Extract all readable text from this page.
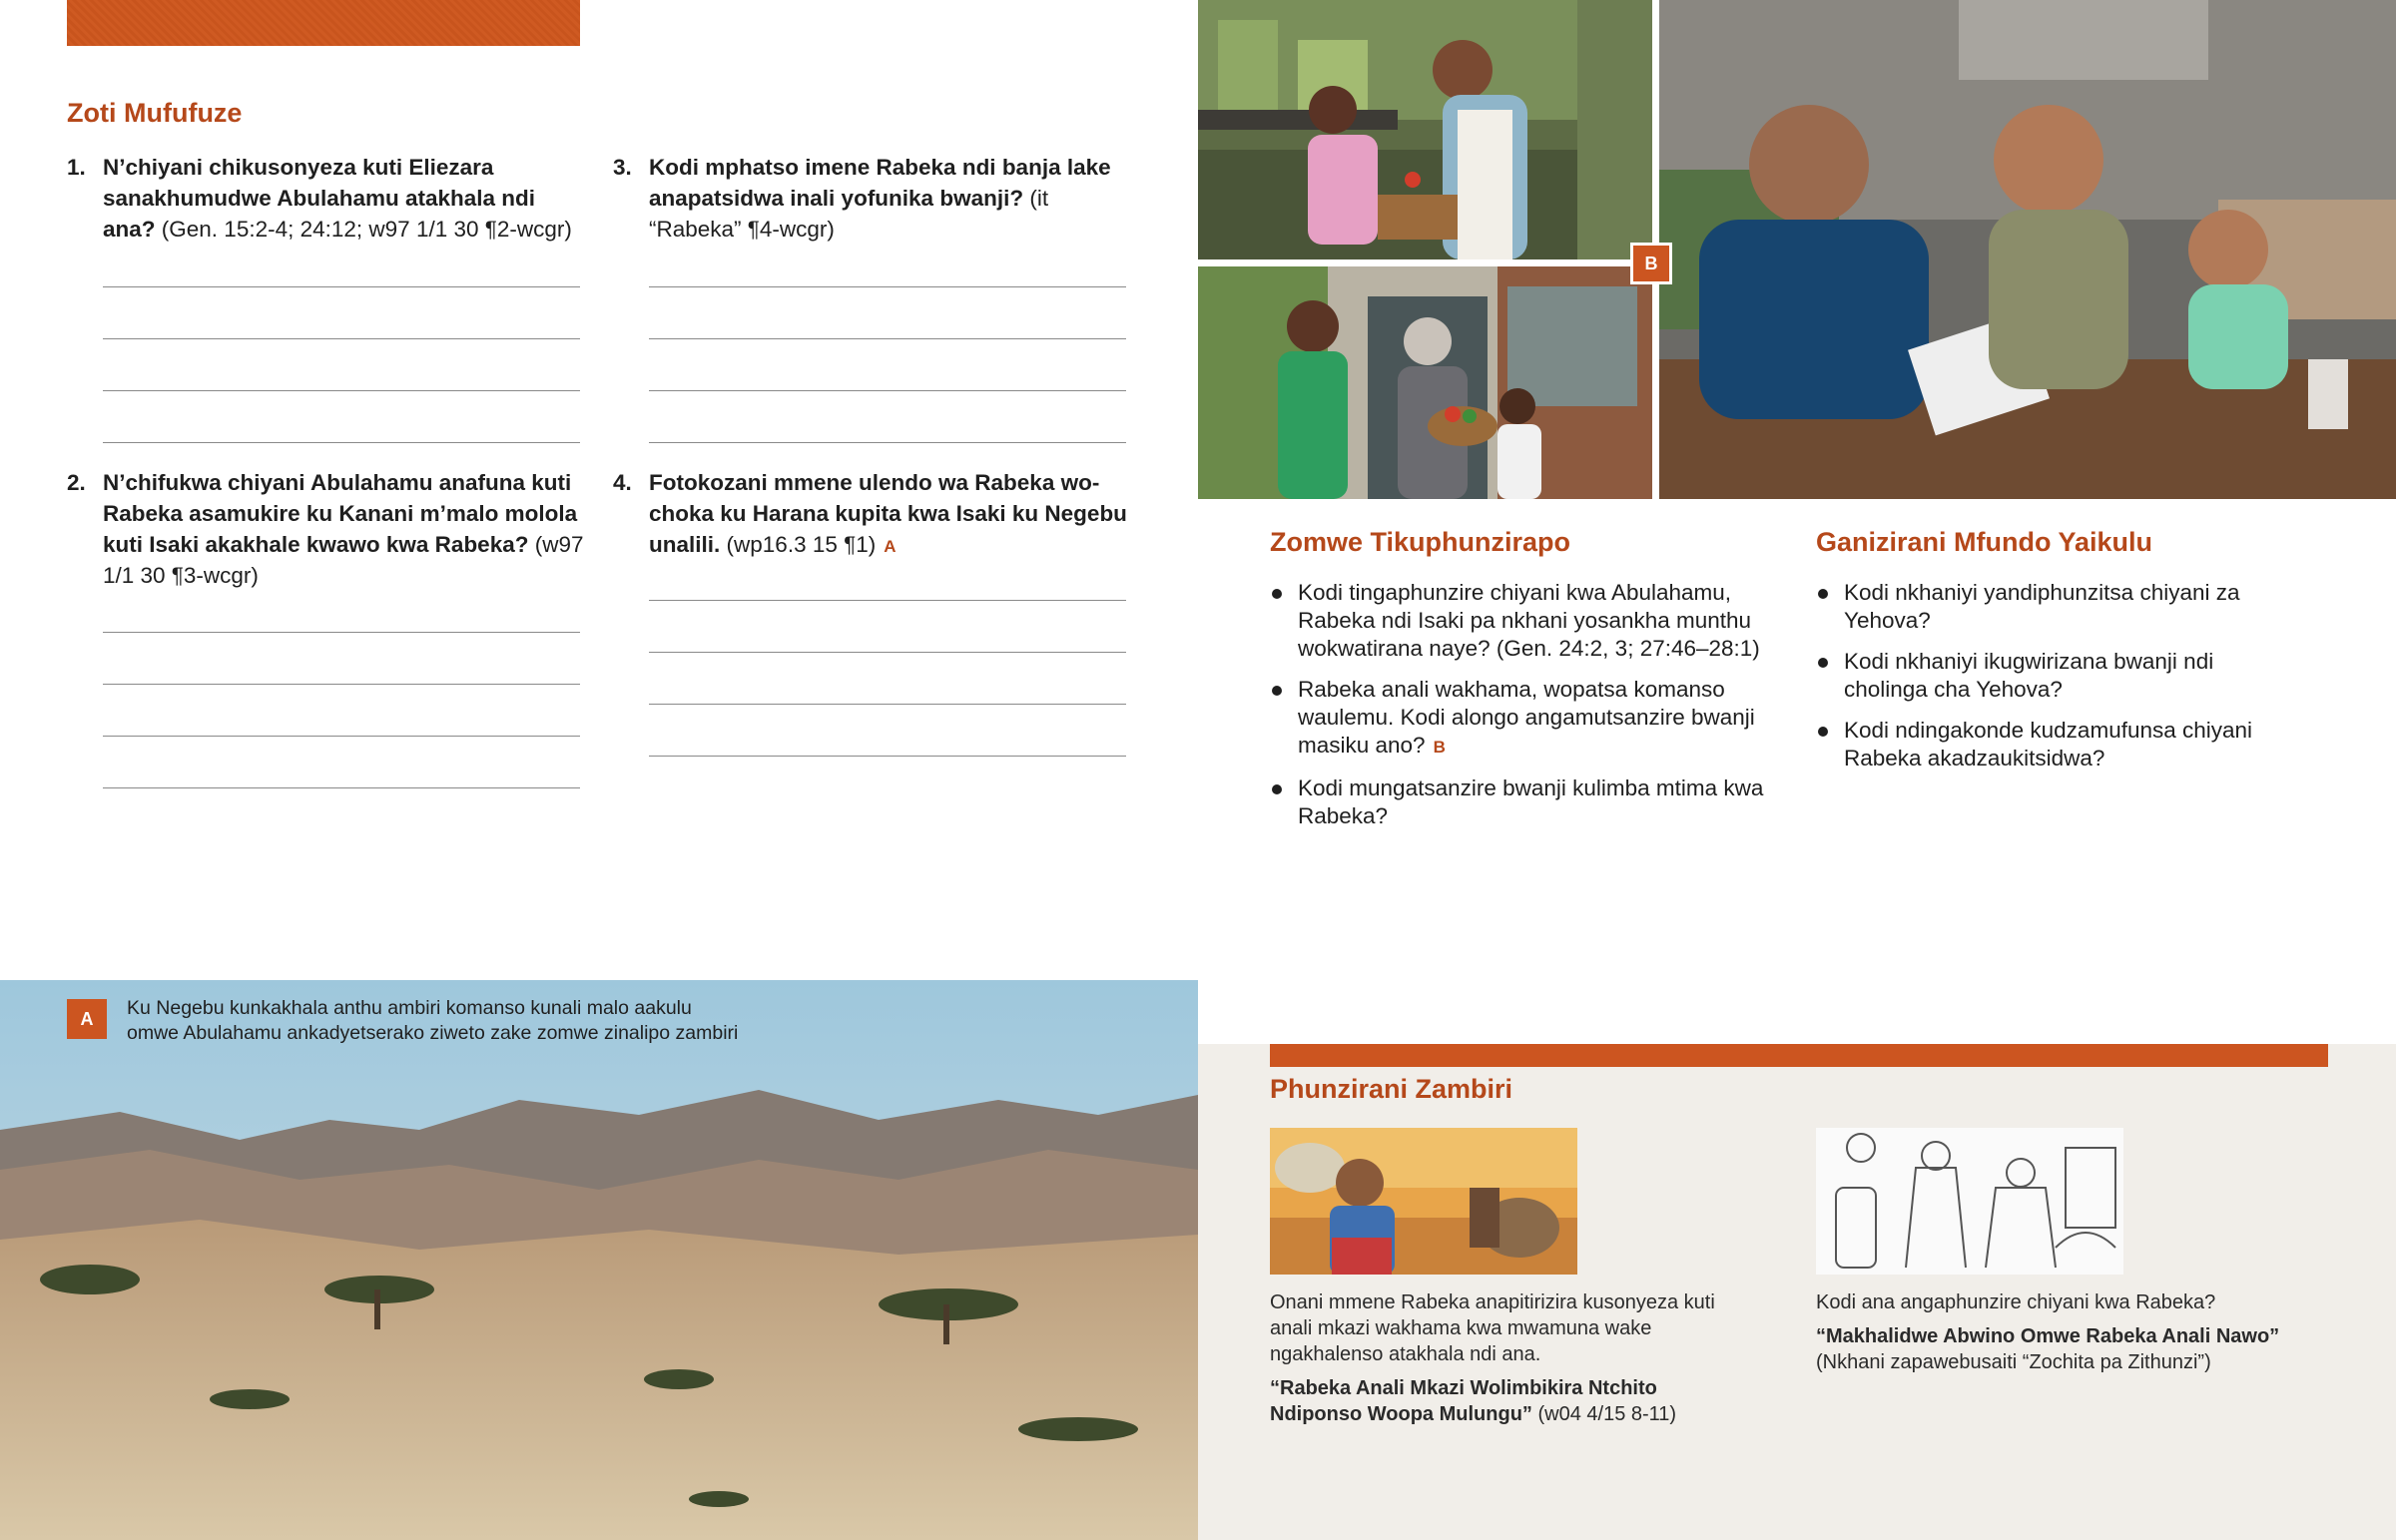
Zoti Mufufuze
1. N’chiyani chikusonyeza kuti Eliezara sanakhumudwe Abulahamu atakhala ndi ana? (Gen. 15:2-4; 24:12; w97 1/1 30 ¶2-wcgr)
2. N’chifukwa chiyani Abulahamu anafuna kuti Rabeka asamukire ku Kanani m’malo molola kuti Isaki akakhale kwawo kwa Rabeka? (w97 1/1 30 ¶3-wcgr)
3. Kodi mphatso imene Rabeka ndi banja lake anapatsidwa inali yofunika bwanji? (it “Rabeka” ¶4-wcgr)
4. Fotokozani mmene ulendo wa Rabeka wochoka ku Harana kupita kwa Isaki ku Negebu unalili. (wp16.3 15 ¶1) A
B
Zomwe Tikuphunzirapo
Kodi tingaphunzire chiyani kwa Abulahamu, Rabeka ndi Isaki pa nkhani yosankha munthu wokwatirana naye? (Gen. 24:2, 3; 27:46–28:1)
Rabeka anali wakhama, wopatsa komanso waulemu. Kodi alongo angamutsanzire bwanji masiku ano? B
Kodi mungatsanzire bwanji kulimba mtima kwa Rabeka?
Ganizirani Mfundo Yaikulu
Kodi nkhaniyi yandiphunzitsa chiyani za Yehova?
Kodi nkhaniyi ikugwirizana bwanji ndi cholinga cha Yehova?
Kodi ndingakonde kudzamufunsa chiyani Rabeka akadzaukitsidwa?
A	Ku Negebu kunkakhala anthu ambiri komanso kunali malo aakulu
omwe Abulahamu ankadyetserako ziweto zake zomwe zinalipo zambiri
Phunzirani Zambiri
Onani mmene Rabeka anapitirizira kusonyeza kuti anali mkazi wakhama kwa mwamuna wake ngakhalenso atakhala ndi ana.
“Rabeka Anali Mkazi Wolimbikira Ntchito Ndiponso Woopa Mulungu” (w04 4/15 8-11)
Kodi ana angaphunzire chiyani kwa Rabeka?
“Makhalidwe Abwino Omwe Rabeka Anali Nawo”
(Nkhani zapawebusaiti “Zochita pa Zithunzi”)
